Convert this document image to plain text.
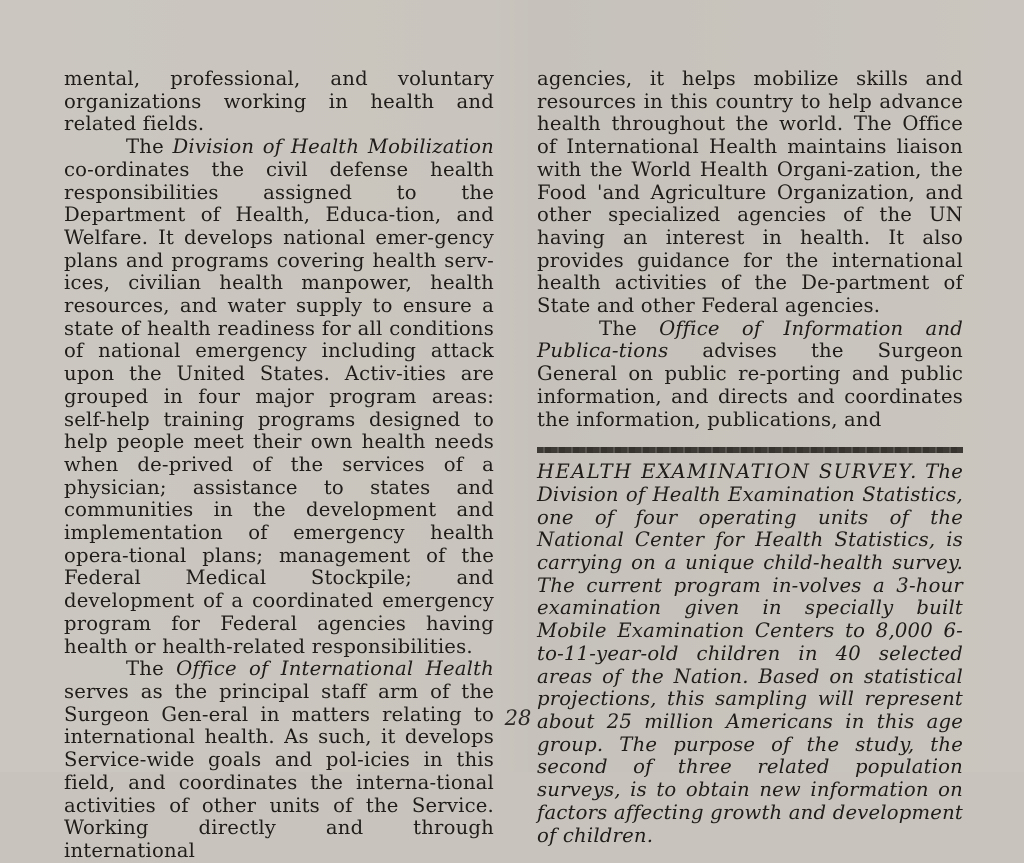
mental, professional, and voluntary organizations working in health and related fields.

The Division of Health Mobilization co-ordinates the civil defense health responsibilities assigned to the Department of Health, Educa-tion, and Welfare. It develops national emer-gency plans and programs covering health serv-ices, civilian health manpower, health resources, and water supply to ensure a state of health readiness for all conditions of national emergency including attack upon the United States. Activ-ities are grouped in four major program areas: self-help training programs designed to help people meet their own health needs when de-prived of the services of a physician; assistance to states and communities in the development and implementation of emergency health opera-tional plans; management of the Federal Medical Stockpile; and development of a coordinated emergency program for Federal agencies having health or health-related responsibilities.

The Office of International Health serves as the principal staff arm of the Surgeon Gen-eral in matters relating to international health. As such, it develops Service-wide goals and pol-icies in this field, and coordinates the interna-tional activities of other units of the Service. Working directly and through international

agencies, it helps mobilize skills and resources in this country to help advance health throughout the world. The Office of International Health maintains liaison with the World Health Organi-zation, the Food 'and Agriculture Organization, and other specialized agencies of the UN having an interest in health. It also provides guidance for the international health activities of the De-partment of State and other Federal agencies.

The Office of Information and Publica-tions advises the Surgeon General on public re-porting and public information, and directs and coordinates the information, publications, and

HEALTH EXAMINATION SURVEY. The Division of Health Examination Statistics, one of four operating units of the National Center for Health Statistics, is carrying on a unique child-health survey. The current program in-volves a 3-hour examination given in specially built Mobile Examination Centers to 8,000 6-to-11-year-old children in 40 selected areas of the Nation. Based on statistical projections, this sampling will represent about 25 million Americans in this age group. The purpose of the study, the second of three related population surveys, is to obtain new information on factors affecting growth and development of children.

28
